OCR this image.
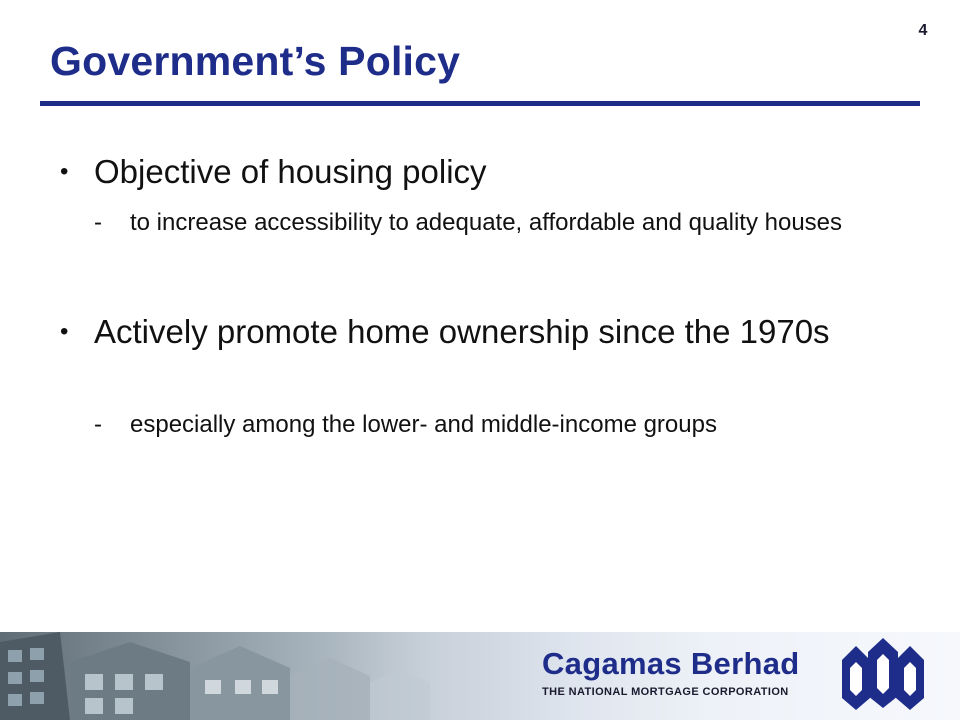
4
Government’s Policy
• Objective of housing policy
- to increase accessibility to adequate, affordable and quality houses
• Actively promote home ownership since the 1970s
- especially among the lower- and middle-income groups
Cagamas Berhad
THE NATIONAL MORTGAGE CORPORATION
